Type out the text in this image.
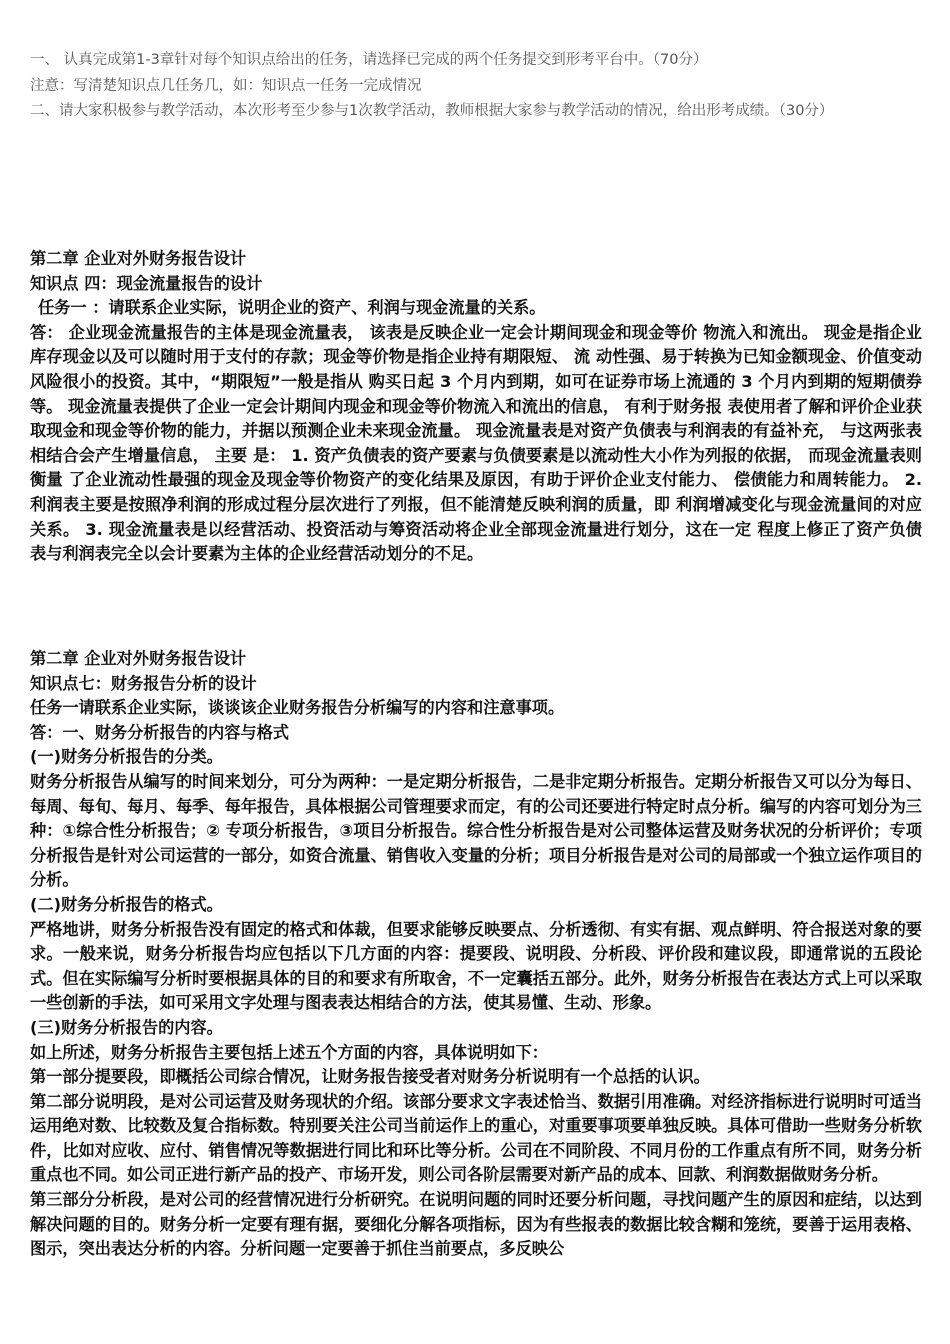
一、 认真完成第1-3章针对每个知识点给出的任务，请选择已完成的两个任务提交到形考平台中。（70分）

注意：写清楚知识点几任务几，如：知识点一任务一完成情况

二、请大家积极参与教学活动，本次形考至少参与1次教学活动，教师根据大家参与教学活动的情况，给出形考成绩。（30分）

第二章 企业对外财务报告设计

知识点 四：现金流量报告的设计

任务一 ：请联系企业实际，说明企业的资产、利润与现金流量的关系。

答： 企业现金流量报告的主体是现金流量表， 该表是反映企业一定会计期间现金和现金等价 物流入和流出。 现金是指企业库存现金以及可以随时用于支付的存款；现金等价物是指企业持有期限短、 流 动性强、易于转换为已知金额现金、价值变动风险很小的投资。其中，“期限短”一般是指从 购买日起 3 个月内到期，如可在证券市场上流通的 3 个月内到期的短期债券等。 现金流量表提供了企业一定会计期间内现金和现金等价物流入和流出的信息， 有利于财务报 表使用者了解和评价企业获取现金和现金等价物的能力，并据以预测企业未来现金流量。 现金流量表是对资产负债表与利润表的有益补充， 与这两张表相结合会产生增量信息， 主要 是： 1. 资产负债表的资产要素与负债要素是以流动性大小作为列报的依据， 而现金流量表则衡量 了企业流动性最强的现金及现金等价物资产的变化结果及原因，有助于评价企业支付能力、 偿债能力和周转能力。 2. 利润表主要是按照净利润的形成过程分层次进行了列报，但不能清楚反映利润的质量，即 利润增减变化与现金流量间的对应关系。 3. 现金流量表是以经营活动、投资活动与筹资活动将企业全部现金流量进行划分，这在一定 程度上修正了资产负债表与利润表完全以会计要素为主体的企业经营活动划分的不足。

第二章 企业对外财务报告设计

知识点七：财务报告分析的设计

任务一请联系企业实际，谈谈该企业财务报告分析编写的内容和注意事项。

答：一、财务分析报告的内容与格式

(一)财务分析报告的分类。

财务分析报告从编写的时间来划分，可分为两种：一是定期分析报告，二是非定期分析报告。定期分析报告又可以分为每日、每周、每旬、每月、每季、每年报告，具体根据公司管理要求而定，有的公司还要进行特定时点分析。编写的内容可划分为三种：①综合性分析报告；② 专项分析报告，③项目分析报告。综合性分析报告是对公司整体运营及财务状况的分析评价；专项分析报告是针对公司运营的一部分，如资合流量、销售收入变量的分析；项目分析报告是对公司的局部或一个独立运作项目的分析。

(二)财务分析报告的格式。

严格地讲，财务分析报告没有固定的格式和体裁，但要求能够反映要点、分析透彻、有实有据、观点鲜明、符合报送对象的要求。一般来说，财务分析报告均应包括以下几方面的内容：提要段、说明段、分析段、评价段和建议段，即通常说的五段论式。但在实际编写分析时要根据具体的目的和要求有所取舍，不一定囊括五部分。此外，财务分析报告在表达方式上可以采取一些创新的手法，如可采用文字处理与图表表达相结合的方法，使其易懂、生动、形象。

(三)财务分析报告的内容。

如上所述，财务分析报告主要包括上述五个方面的内容，具体说明如下：

第一部分提要段，即概括公司综合情况，让财务报告接受者对财务分析说明有一个总括的认识。

第二部分说明段，是对公司运营及财务现状的介绍。该部分要求文字表述恰当、数据引用准确。对经济指标进行说明时可适当运用绝对数、比较数及复合指标数。特别要关注公司当前运作上的重心，对重要事项要单独反映。具体可借助一些财务分析软件，比如对应收、应付、销售情况等数据进行同比和环比等分析。公司在不同阶段、不同月份的工作重点有所不同，财务分析重点也不同。如公司正进行新产品的投产、市场开发，则公司各阶层需要对新产品的成本、回款、利润数据做财务分析。

第三部分分析段，是对公司的经营情况进行分析研究。在说明问题的同时还要分析问题，寻找问题产生的原因和症结，以达到解决问题的目的。财务分析一定要有理有据，要细化分解各项指标，因为有些报表的数据比较含糊和笼统，要善于运用表格、图示，突出表达分析的内容。分析问题一定要善于抓住当前要点，多反映公
